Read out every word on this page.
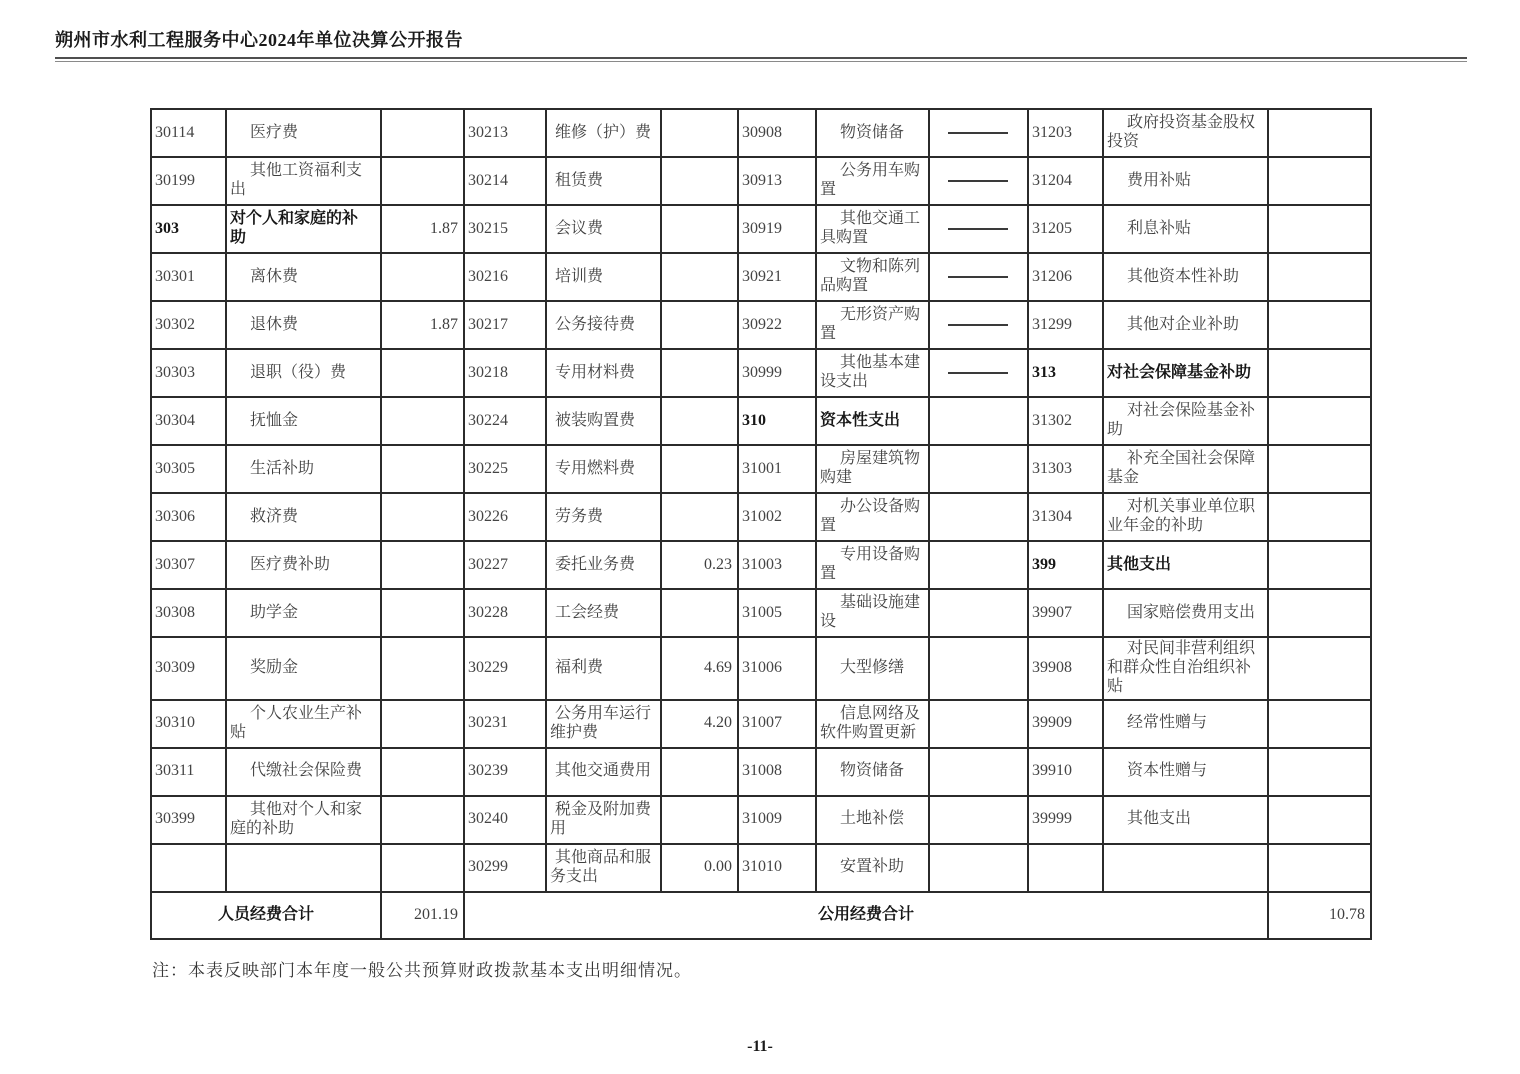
朔州市水利工程服务中心2024年单位决算公开报告
30114	医疗费		30213	维修（护）费		30908	物资储备		31203	政府投资基金股权投资	
30199	其他工资福利支出		30214	租赁费		30913	公务用车购置		31204	费用补贴	
303	对个人和家庭的补助	1.87	30215	会议费		30919	其他交通工具购置		31205	利息补贴	
30301	离休费		30216	培训费		30921	文物和陈列品购置		31206	其他资本性补助	
30302	退休费	1.87	30217	公务接待费		30922	无形资产购置		31299	其他对企业补助	
30303	退职（役）费		30218	专用材料费		30999	其他基本建设支出		313	对社会保障基金补助	
30304	抚恤金		30224	被装购置费		310	资本性支出		31302	对社会保险基金补助	
30305	生活补助		30225	专用燃料费		31001	房屋建筑物购建		31303	补充全国社会保障基金	
30306	救济费		30226	劳务费		31002	办公设备购置		31304	对机关事业单位职业年金的补助	
30307	医疗费补助		30227	委托业务费	0.23	31003	专用设备购置		399	其他支出	
30308	助学金		30228	工会经费		31005	基础设施建设		39907	国家赔偿费用支出	
30309	奖励金		30229	福利费	4.69	31006	大型修缮		39908	对民间非营利组织和群众性自治组织补贴	
30310	个人农业生产补贴		30231	公务用车运行维护费	4.20	31007	信息网络及软件购置更新		39909	经常性赠与	
30311	代缴社会保险费		30239	其他交通费用		31008	物资储备		39910	资本性赠与	
30399	其他对个人和家庭的补助		30240	税金及附加费用		31009	土地补偿		39999	其他支出	
			30299	其他商品和服务支出	0.00	31010	安置补助				
人员经费合计		201.19	公用经费合计								10.78
注：本表反映部门本年度一般公共预算财政拨款基本支出明细情况。
-11-
